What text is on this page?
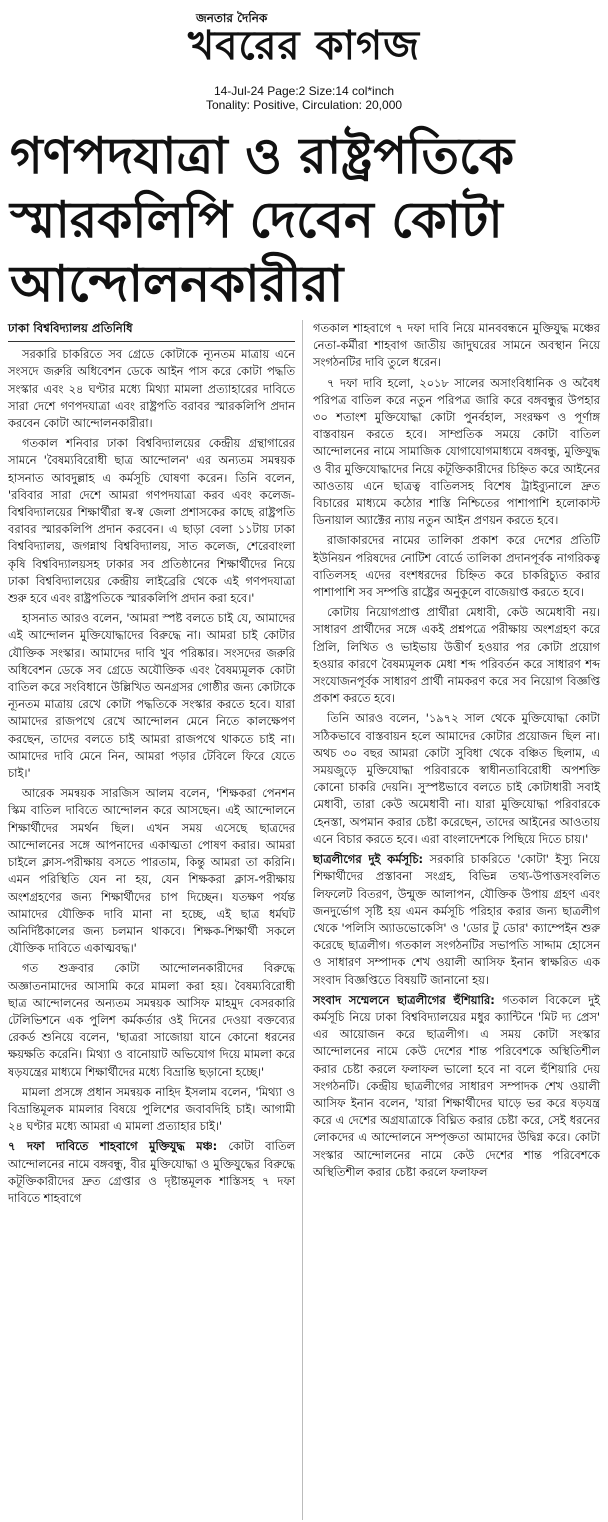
জনতার দৈনিক
খবরের কাগজ
14-Jul-24 Page:2 Size:14 col*inch
Tonality: Positive, Circulation: 20,000
গণপদযাত্রা ও রাষ্ট্রপতিকে স্মারকলিপি দেবেন কোটা আন্দোলনকারীরা
ঢাকা বিশ্ববিদ্যালয় প্রতিনিধি

সরকারি চাকরিতে সব গ্রেডে কোটাকে ন্যূনতম মাত্রায় এনে সংসদে জরুরি অধিবেশন ডেকে আইন পাস করে কোটা পদ্ধতি সংস্কার এবং ২৪ ঘণ্টার মধ্যে মিথ্যা মামলা প্রত্যাহারের দাবিতে সারা দেশে গণপদযাত্রা এবং রাষ্ট্রপতি বরাবর স্মারকলিপি প্রদান করবেন কোটা আন্দোলনকারীরা।

গতকাল শনিবার ঢাকা বিশ্ববিদ্যালয়ের কেন্দ্রীয় গ্রন্থাগারের সামনে 'বৈষম্যবিরোধী ছাত্র আন্দোলন' এর অন্যতম সমন্বয়ক হাসনাত আবদুল্লাহ এ কর্মসূচি ঘোষণা করেন। তিনি বলেন, 'রবিবার সারা দেশে আমরা গণপদযাত্রা করব এবং কলেজ-বিশ্ববিদ্যালয়ের শিক্ষার্থীরা স্ব-স্ব জেলা প্রশাসকের কাছে রাষ্ট্রপতি বরাবর স্মারকলিপি প্রদান করবেন। এ ছাড়া বেলা ১১টায় ঢাকা বিশ্ববিদ্যালয়, জগন্নাথ বিশ্ববিদ্যালয়, সাত কলেজ, শেরেবাংলা কৃষি বিশ্ববিদ্যালয়সহ ঢাকার সব প্রতিষ্ঠানের শিক্ষার্থীদের নিয়ে ঢাকা বিশ্ববিদ্যালয়ের কেন্দ্রীয় লাইব্রেরি থেকে এই গণপদযাত্রা শুরু হবে এবং রাষ্ট্রপতিকে স্মারকলিপি প্রদান করা হবে।'

হাসনাত আরও বলেন, 'আমরা স্পষ্ট বলতে চাই যে, আমাদের এই আন্দোলন মুক্তিযোদ্ধাদের বিরুদ্ধে না। আমরা চাই কোটার যৌক্তিক সংস্কার। আমাদের দাবি খুব পরিষ্কার। সংসদের জরুরি অধিবেশন ডেকে সব গ্রেডে অযৌক্তিক এবং বৈষম্যমূলক কোটা বাতিল করে সংবিধানে উল্লিখিত অনগ্রসর গোষ্ঠীর জন্য কোটাকে ন্যূনতম মাত্রায় রেখে কোটা পদ্ধতিকে সংস্কার করতে হবে। যারা আমাদের রাজপথে রেখে আন্দোলন মেনে নিতে কালক্ষেপণ করছেন, তাদের বলতে চাই আমরা রাজপথে থাকতে চাই না। আমাদের দাবি মেনে নিন, আমরা পড়ার টেবিলে ফিরে যেতে চাই।'

আরেক সমন্বয়ক সারজিস আলম বলেন, 'শিক্ষকরা পেনশন স্কিম বাতিল দাবিতে আন্দোলন করে আসছেন। এই আন্দোলনে শিক্ষার্থীদের সমর্থন ছিল। এখন সময় এসেছে ছাত্রদের আন্দোলনের সঙ্গে আপনাদের একাত্মতা পোষণ করার। আমরা চাইলে ক্লাস-পরীক্ষায় বসতে পারতাম, কিন্তু আমরা তা করিনি। এমন পরিস্থিতি যেন না হয়, যেন শিক্ষকরা ক্লাস-পরীক্ষায় অংশগ্রহণের জন্য শিক্ষার্থীদের চাপ দিচ্ছেন। যতক্ষণ পর্যন্ত আমাদের যৌক্তিক দাবি মানা না হচ্ছে, এই ছাত্র ধর্মঘট অনির্দিষ্টকালের জন্য চলমান থাকবে। শিক্ষক-শিক্ষার্থী সকলে যৌক্তিক দাবিতে একাত্মবদ্ধ।'

গত শুক্রবার কোটা আন্দোলনকারীদের বিরুদ্ধে অজ্ঞাতনামাদের আসামি করে মামলা করা হয়। বৈষম্যবিরোধী ছাত্র আন্দোলনের অন্যতম সমন্বয়ক আসিফ মাহমুদ বেসরকারি টেলিভিশনে এক পুলিশ কর্মকর্তার ওই দিনের দেওয়া বক্তব্যের রেকর্ড শুনিয়ে বলেন, 'ছাত্ররা সাজোয়া যানে কোনো ধরনের ক্ষয়ক্ষতি করেনি। মিথ্যা ও বানোয়াট অভিযোগ দিয়ে মামলা করে ষড়যন্ত্রের মাধ্যমে শিক্ষার্থীদের মধ্যে বিভ্রান্তি ছড়ানো হচ্ছে।'

মামলা প্রসঙ্গে প্রধান সমন্বয়ক নাহিদ ইসলাম বলেন, 'মিথ্যা ও বিভ্রান্তিমূলক মামলার বিষয়ে পুলিশের জবাবদিহি চাই। আগামী ২৪ ঘণ্টার মধ্যে আমরা এ মামলা প্রত্যাহার চাই।'

৭ দফা দাবিতে শাহবাগে মুক্তিযুদ্ধ মঞ্চ: কোটা বাতিল আন্দোলনের নামে বঙ্গবন্ধু, বীর মুক্তিযোদ্ধা ও মুক্তিযুদ্ধের বিরুদ্ধে কটূক্তিকারীদের দ্রুত গ্রেপ্তার ও দৃষ্টান্তমূলক শাস্তিসহ ৭ দফা দাবিতে শাহবাগে

গতকাল শাহবাগে ৭ দফা দাবি নিয়ে মানববন্ধনে মুক্তিযুদ্ধ মঞ্চের নেতা-কর্মীরা শাহবাগ জাতীয় জাদুঘরের সামনে অবস্থান নিয়ে সংগঠনটির দাবি তুলে ধরেন।

৭ দফা দাবি হলো, ২০১৮ সালের অসাংবিধানিক ও অবৈধ পরিপত্র বাতিল করে নতুন পরিপত্র জারি করে বঙ্গবন্ধুর উপহার ৩০ শতাংশ মুক্তিযোদ্ধা কোটা পুনর্বহাল, সংরক্ষণ ও পূর্ণাঙ্গ বাস্তবায়ন করতে হবে। সাম্প্রতিক সময়ে কোটা বাতিল আন্দোলনের নামে সামাজিক যোগাযোগমাধ্যমে বঙ্গবন্ধু, মুক্তিযুদ্ধ ও বীর মুক্তিযোদ্ধাদের নিয়ে কটূক্তিকারীদের চিহ্নিত করে আইনের আওতায় এনে ছাত্রত্ব বাতিলসহ বিশেষ ট্রাইব্যুনালে দ্রুত বিচারের মাধ্যমে কঠোর শাস্তি নিশ্চিতের পাশাপাশি হলোকাস্ট ডিনায়াল অ্যাক্টের ন্যায় নতুন আইন প্রণয়ন করতে হবে।

রাজাকারদের নামের তালিকা প্রকাশ করে দেশের প্রতিটি ইউনিয়ন পরিষদের নোটিশ বোর্ডে তালিকা প্রদানপূর্বক নাগরিকত্ব বাতিলসহ এদের বংশধরদের চিহ্নিত করে চাকরিচ্যুত করার পাশাপাশি সব সম্পত্তি রাষ্ট্রের অনুকূলে বাজেয়াপ্ত করতে হবে।

কোটায় নিয়োগপ্রাপ্ত প্রার্থীরা মেধাবী, কেউ অমেধাবী নয়। সাধারণ প্রার্থীদের সঙ্গে একই প্রশ্নপত্রে পরীক্ষায় অংশগ্রহণ করে প্রিলি, লিখিত ও ভাইভায় উত্তীর্ণ হওয়ার পর কোটা প্রয়োগ হওয়ার কারণে বৈষম্যমূলক মেধা শব্দ পরিবর্তন করে সাধারণ শব্দ সংযোজনপূর্বক সাধারণ প্রার্থী নামকরণ করে সব নিয়োগ বিজ্ঞপ্তি প্রকাশ করতে হবে।

তিনি আরও বলেন, '১৯৭২ সাল থেকে মুক্তিযোদ্ধা কোটা সঠিকভাবে বাস্তবায়ন হলে আমাদের কোটার প্রয়োজন ছিল না। অথচ ৩০ বছর আমরা কোটা সুবিধা থেকে বঞ্চিত ছিলাম, এ সময়জুড়ে মুক্তিযোদ্ধা পরিবারকে স্বাধীনতাবিরোধী অপশক্তি কোনো চাকরি দেয়নি। সুস্পষ্টভাবে বলতে চাই কোটাধারী সবাই মেধাবী, তারা কেউ অমেধাবী না। যারা মুক্তিযোদ্ধা পরিবারকে হেনস্তা, অপমান করার চেষ্টা করেছেন, তাদের আইনের আওতায় এনে বিচার করতে হবে। এরা বাংলাদেশকে পিছিয়ে দিতে চায়।'

ছাত্রলীগের দুই কর্মসূচি: সরকারি চাকরিতে 'কোটা' ইস্যু নিয়ে শিক্ষার্থীদের প্রস্তাবনা সংগ্রহ, বিভিন্ন তথ্য-উপাত্তসংবলিত লিফলেট বিতরণ, উন্মুক্ত আলাপন, যৌক্তিক উপায় গ্রহণ এবং জনদুর্ভোগ সৃষ্টি হয় এমন কর্মসূচি পরিহার করার জন্য ছাত্রলীগ থেকে 'পলিসি অ্যাডভোকেসি' ও 'ডোর টু ডোর' ক্যাম্পেইন শুরু করেছে ছাত্রলীগ। গতকাল সংগঠনটির সভাপতি সাদ্দাম হোসেন ও সাধারণ সম্পাদক শেখ ওয়ালী আসিফ ইনান স্বাক্ষরিত এক সংবাদ বিজ্ঞপ্তিতে বিষয়টি জানানো হয়।

সংবাদ সম্মেলনে ছাত্রলীগের হুঁশিয়ারি: গতকাল বিকেলে দুই কর্মসূচি নিয়ে ঢাকা বিশ্ববিদ্যালয়ের মধুর ক্যান্টিনে 'মিট দ্য প্রেস' এর আয়োজন করে ছাত্রলীগ। এ সময় কোটা সংস্কার আন্দোলনের নামে কেউ দেশের শান্ত পরিবেশকে অস্থিতিশীল করার চেষ্টা করলে ফলাফল ভালো হবে না বলে হুঁশিয়ারি দেয় সংগঠনটি। কেন্দ্রীয় ছাত্রলীগের সাধারণ সম্পাদক শেখ ওয়ালী আসিফ ইনান বলেন, 'যারা শিক্ষার্থীদের ঘাড়ে ভর করে ষড়যন্ত্র করে এ দেশের অগ্রযাত্রাকে বিঘ্নিত করার চেষ্টা করে, সেই ধরনের লোকদের এ আন্দোলনে সম্পৃক্ততা আমাদের উদ্বিগ্ন করে। কোটা সংস্কার আন্দোলনের নামে কেউ দেশের শান্ত পরিবেশকে অস্থিতিশীল করার চেষ্টা করলে ফলাফল
